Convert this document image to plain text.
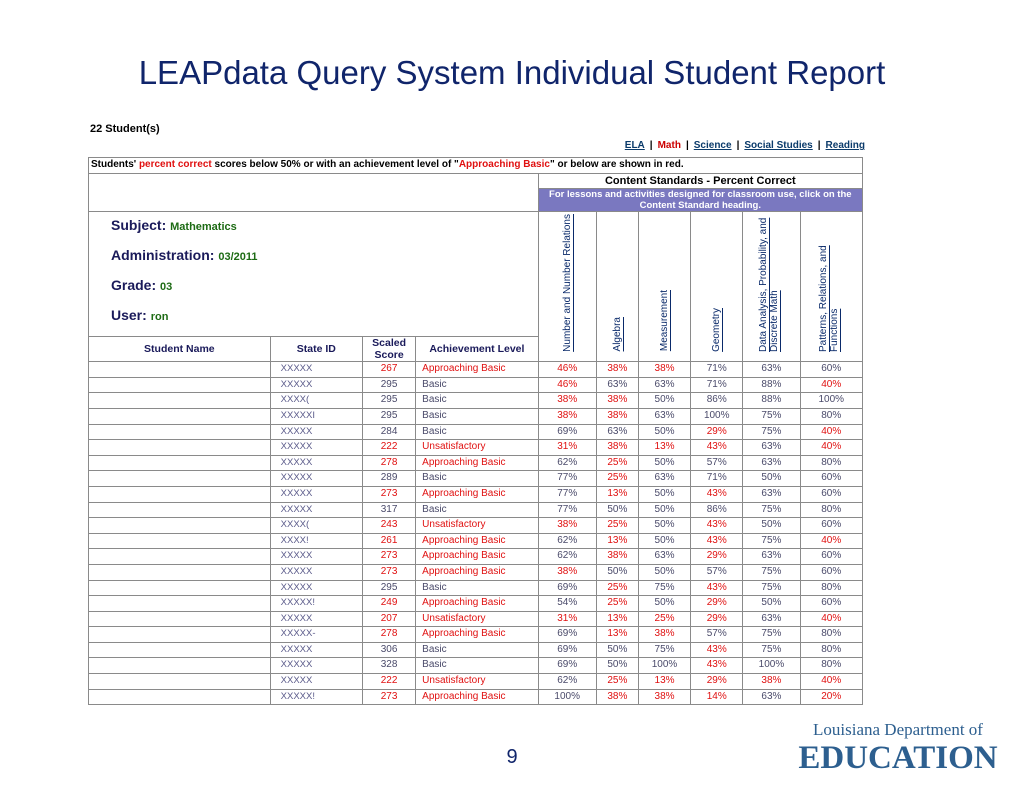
LEAPdata Query System Individual Student Report
22 Student(s)
ELA | Math | Science | Social Studies | Reading
Students' percent correct scores below 50% or with an achievement level of "Approaching Basic" or below are shown in red.									
				Content Standards - Percent Correct					
				For lessons and activities designed for classroom use, click on the Content Standard heading.					

Subject: Mathematics
Administration: 03/2011
Grade: 03
User: ron				Number and Number Relations	Algebra	Measurement	Geometry	Data Analysis, Probability, and Discrete Math	Patterns, Relations, and Functions
Student Name	State ID	Scaled Score	Achievement Level						
	XXXXX	267	Approaching Basic	46%	38%	38%	71%	63%	60%
	XXXXX	295	Basic	46%	63%	63%	71%	88%	40%
	XXXX(	295	Basic	38%	38%	50%	86%	88%	100%
	XXXXXI	295	Basic	38%	38%	63%	100%	75%	80%
	XXXXX	284	Basic	69%	63%	50%	29%	75%	40%
	XXXXX	222	Unsatisfactory	31%	38%	13%	43%	63%	40%
	XXXXX	278	Approaching Basic	62%	25%	50%	57%	63%	80%
	XXXXX	289	Basic	77%	25%	63%	71%	50%	60%
	XXXXX	273	Approaching Basic	77%	13%	50%	43%	63%	60%
	XXXXX	317	Basic	77%	50%	50%	86%	75%	80%
	XXXX(	243	Unsatisfactory	38%	25%	50%	43%	50%	60%
	XXXX!	261	Approaching Basic	62%	13%	50%	43%	75%	40%
	XXXXX	273	Approaching Basic	62%	38%	63%	29%	63%	60%
	XXXXX	273	Approaching Basic	38%	50%	50%	57%	75%	60%
	XXXXX	295	Basic	69%	25%	75%	43%	75%	80%
	XXXXX!	249	Approaching Basic	54%	25%	50%	29%	50%	60%
	XXXXX	207	Unsatisfactory	31%	13%	25%	29%	63%	40%
	XXXXX-	278	Approaching Basic	69%	13%	38%	57%	75%	80%
	XXXXX	306	Basic	69%	50%	75%	43%	75%	80%
	XXXXX	328	Basic	69%	50%	100%	43%	100%	80%
	XXXXX	222	Unsatisfactory	62%	25%	13%	29%	38%	40%
	XXXXX!	273	Approaching Basic	100%	38%	38%	14%	63%	20%
9
Louisiana Department of
EDUCATION
